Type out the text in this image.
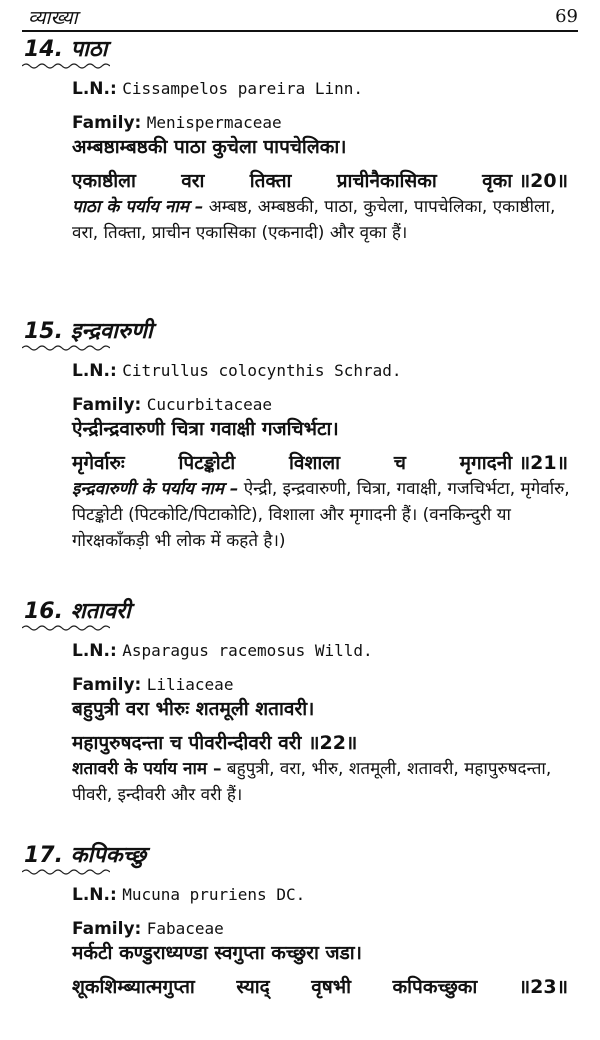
व्याख्या	69
14. पाठा
L.N.: Cissampelos pareira Linn.
Family: Menispermaceae
अम्बष्ठाम्बष्ठकी पाठा कुचेला पापचेलिका।
एकाष्ठीला वरा तिक्ता प्राचीनैकासिका वृका ॥20॥
पाठा के पर्याय नाम – अम्बष्ठ, अम्बष्ठकी, पाठा, कुचेला, पापचेलिका, एकाष्ठीला, वरा, तिक्ता, प्राचीन एकासिका (एकनादी) और वृका हैं।
15. इन्द्रवारुणी
L.N.: Citrullus colocynthis Schrad.
Family: Cucurbitaceae
ऐन्द्रीन्द्रवारुणी चित्रा गवाक्षी गजचिर्भटा।
मृगेर्वारुः	पिटङ्कोटी	विशाला	च	मृगादनी ॥21॥
इन्द्रवारुणी के पर्याय नाम – ऐन्द्री, इन्द्रवारुणी, चित्रा, गवाक्षी, गजचिर्भटा, मृगेर्वारु, पिटङ्कोटी (पिटकोटि/पिटाकोटि), विशाला और मृगादनी हैं। (वनकिन्दुरी या गोरक्षकाँकड़ी भी लोक में कहते है।)
16. शतावरी
L.N.: Asparagus racemosus Willd.
Family: Liliaceae
बहुपुत्री वरा भीरुः शतमूली शतावरी।
महापुरुषदन्ता च पीवरीन्दीवरी वरी ॥22॥
शतावरी के पर्याय नाम – बहुपुत्री, वरा, भीरु, शतमूली, शतावरी, महापुरुषदन्ता, पीवरी, इन्दीवरी और वरी हैं।
17. कपिकच्छु
L.N.: Mucuna pruriens DC.
Family: Fabaceae
मर्कटी कण्डुराध्यण्डा स्वगुप्ता कच्छुरा जडा।
शूकशिम्ब्यात्मगुप्ता स्याद् वृषभी कपिकच्छुका ॥23॥
